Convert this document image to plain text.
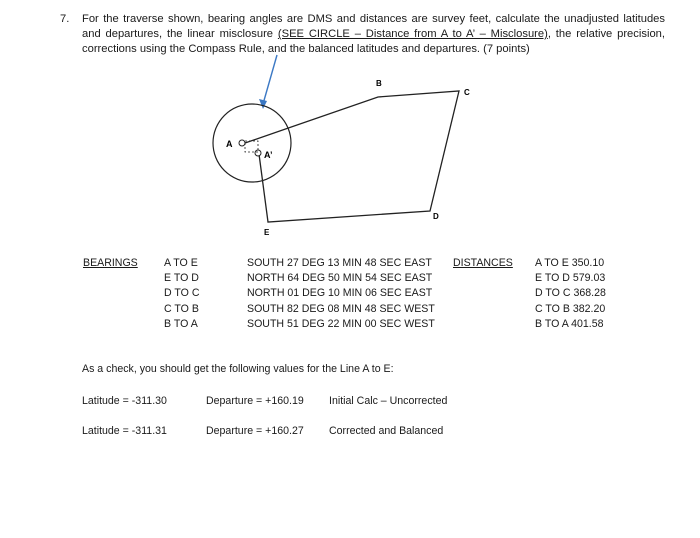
7. For the traverse shown, bearing angles are DMS and distances are survey feet, calculate the unadjusted latitudes and departures, the linear misclosure (SEE CIRCLE – Distance from A to A’ – Misclosure), the relative precision, corrections using the Compass Rule, and the balanced latitudes and departures. (7 points)
A
A’
B
C
D
E
BEARINGS A TO E
E TO D
D TO C
C TO B
B TO A
SOUTH 27 DEG 13 MIN 48 SEC EAST
NORTH 64 DEG 50 MIN 54 SEC EAST
NORTH 01 DEG 10 MIN 06 SEC EAST
SOUTH 82 DEG 08 MIN 48 SEC WEST
SOUTH 51 DEG 22 MIN 00 SEC WEST
DISTANCES A TO E 350.10
E TO D 579.03
D TO C 368.28
C TO B 382.20
B TO A 401.58
As a check, you should get the following values for the Line A to E:
Latitude = -311.30	Departure = +160.19 Initial Calc – Uncorrected
Latitude = -311.31	Departure = +160.27 Corrected and Balanced
